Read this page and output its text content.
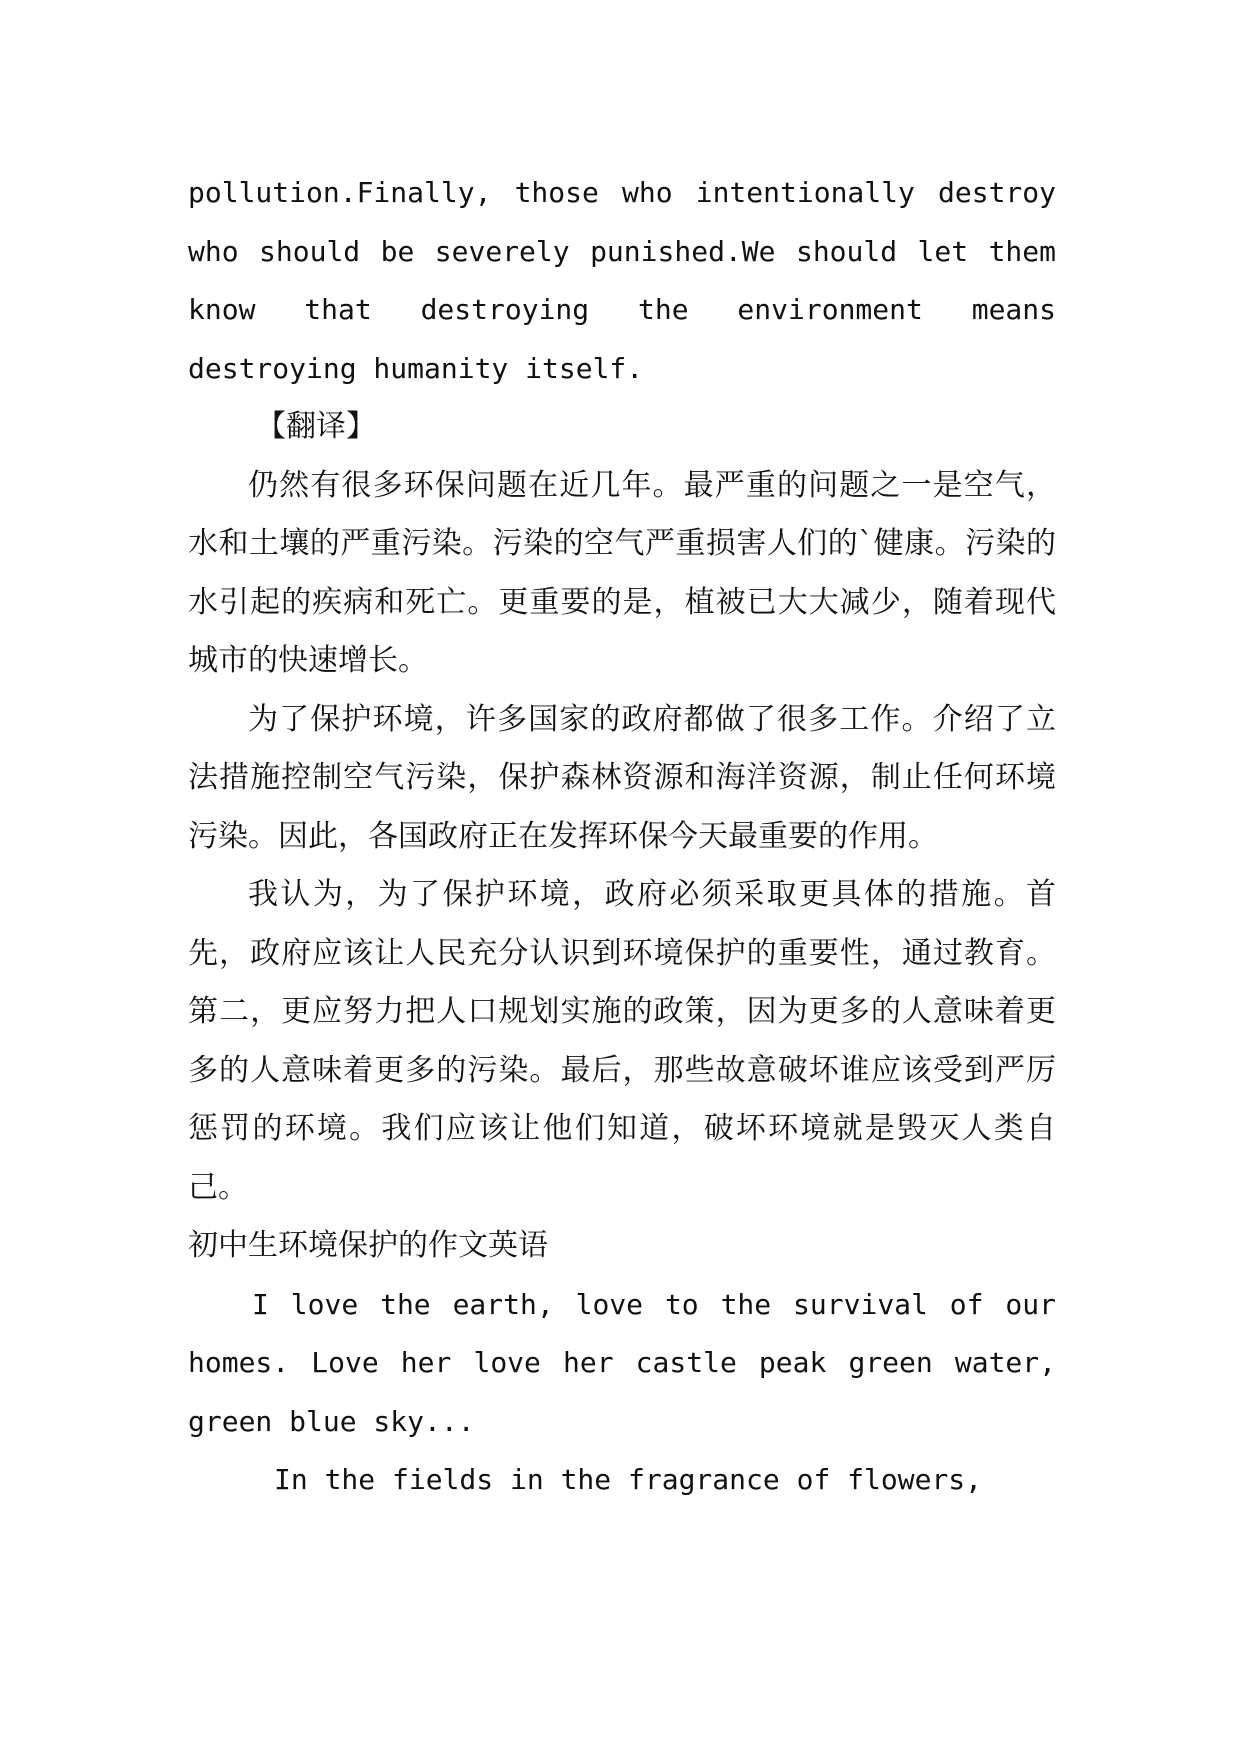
pollution.Finally, those who intentionally destroy who should be severely punished.We should let them know that destroying the environment means destroying humanity itself.

【翻译】

仍然有很多环保问题在近几年。最严重的问题之一是空气，水和土壤的严重污染。污染的空气严重损害人们的`健康。污染的水引起的疾病和死亡。更重要的是，植被已大大减少，随着现代城市的快速增长。

为了保护环境，许多国家的政府都做了很多工作。介绍了立法措施控制空气污染，保护森林资源和海洋资源，制止任何环境污染。因此，各国政府正在发挥环保今天最重要的作用。

我认为，为了保护环境，政府必须采取更具体的措施。首先，政府应该让人民充分认识到环境保护的重要性，通过教育。第二，更应努力把人口规划实施的政策，因为更多的人意味着更多的人意味着更多的污染。最后，那些故意破坏谁应该受到严厉惩罚的环境。我们应该让他们知道，破坏环境就是毁灭人类自己。

初中生环境保护的作文英语

I love the earth, love to the survival of our homes. Love her love her castle peak green water, green blue sky...

In the fields in the fragrance of flowers,
